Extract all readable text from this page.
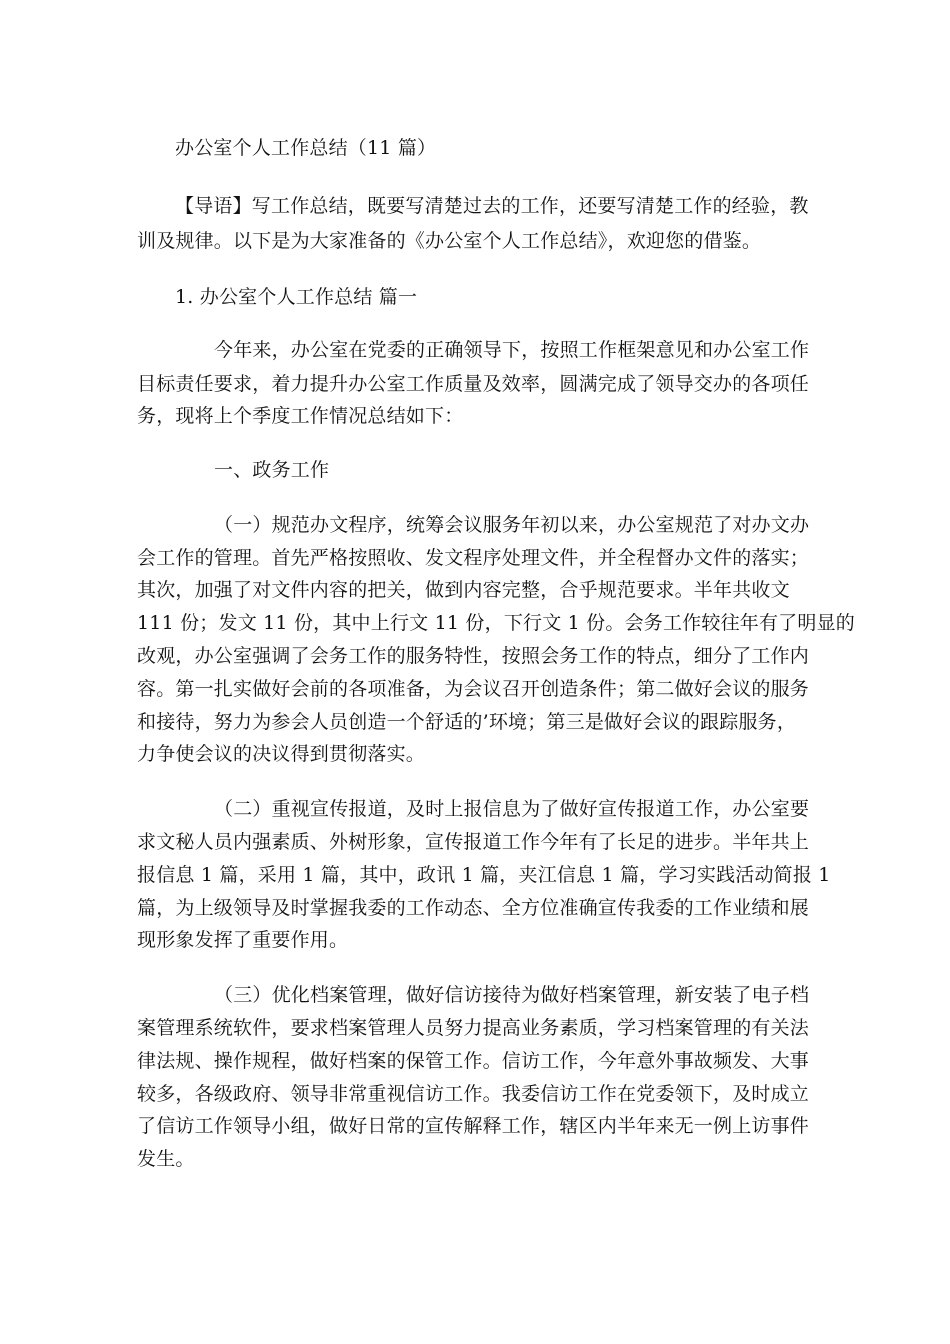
办公室个人工作总结（11 篇）
【导语】写工作总结，既要写清楚过去的工作，还要写清楚工作的经验，教
训及规律。以下是为大家准备的《办公室个人工作总结》，欢迎您的借鉴。
1. 办公室个人工作总结 篇一
今年来，办公室在党委的正确领导下，按照工作框架意见和办公室工作
目标责任要求，着力提升办公室工作质量及效率，圆满完成了领导交办的各项任
务，现将上个季度工作情况总结如下：
一、政务工作
（一）规范办文程序，统筹会议服务年初以来，办公室规范了对办文办
会工作的管理。首先严格按照收、发文程序处理文件，并全程督办文件的落实；
其次，加强了对文件内容的把关，做到内容完整，合乎规范要求。半年共收文
111 份；发文 11 份，其中上行文 11 份，下行文 1 份。会务工作较往年有了明显的
改观，办公室强调了会务工作的服务特性，按照会务工作的特点，细分了工作内
容。第一扎实做好会前的各项准备，为会议召开创造条件；第二做好会议的服务
和接待，努力为参会人员创造一个舒适的’环境；第三是做好会议的跟踪服务，
力争使会议的决议得到贯彻落实。
（二）重视宣传报道，及时上报信息为了做好宣传报道工作，办公室要
求文秘人员内强素质、外树形象，宣传报道工作今年有了长足的进步。半年共上
报信息 1 篇，采用 1 篇，其中，政讯 1 篇，夹江信息 1 篇，学习实践活动简报 1
篇，为上级领导及时掌握我委的工作动态、全方位准确宣传我委的工作业绩和展
现形象发挥了重要作用。
（三）优化档案管理，做好信访接待为做好档案管理，新安装了电子档
案管理系统软件，要求档案管理人员努力提高业务素质，学习档案管理的有关法
律法规、操作规程，做好档案的保管工作。信访工作，今年意外事故频发、大事
较多，各级政府、领导非常重视信访工作。我委信访工作在党委领下，及时成立
了信访工作领导小组，做好日常的宣传解释工作，辖区内半年来无一例上访事件
发生。
